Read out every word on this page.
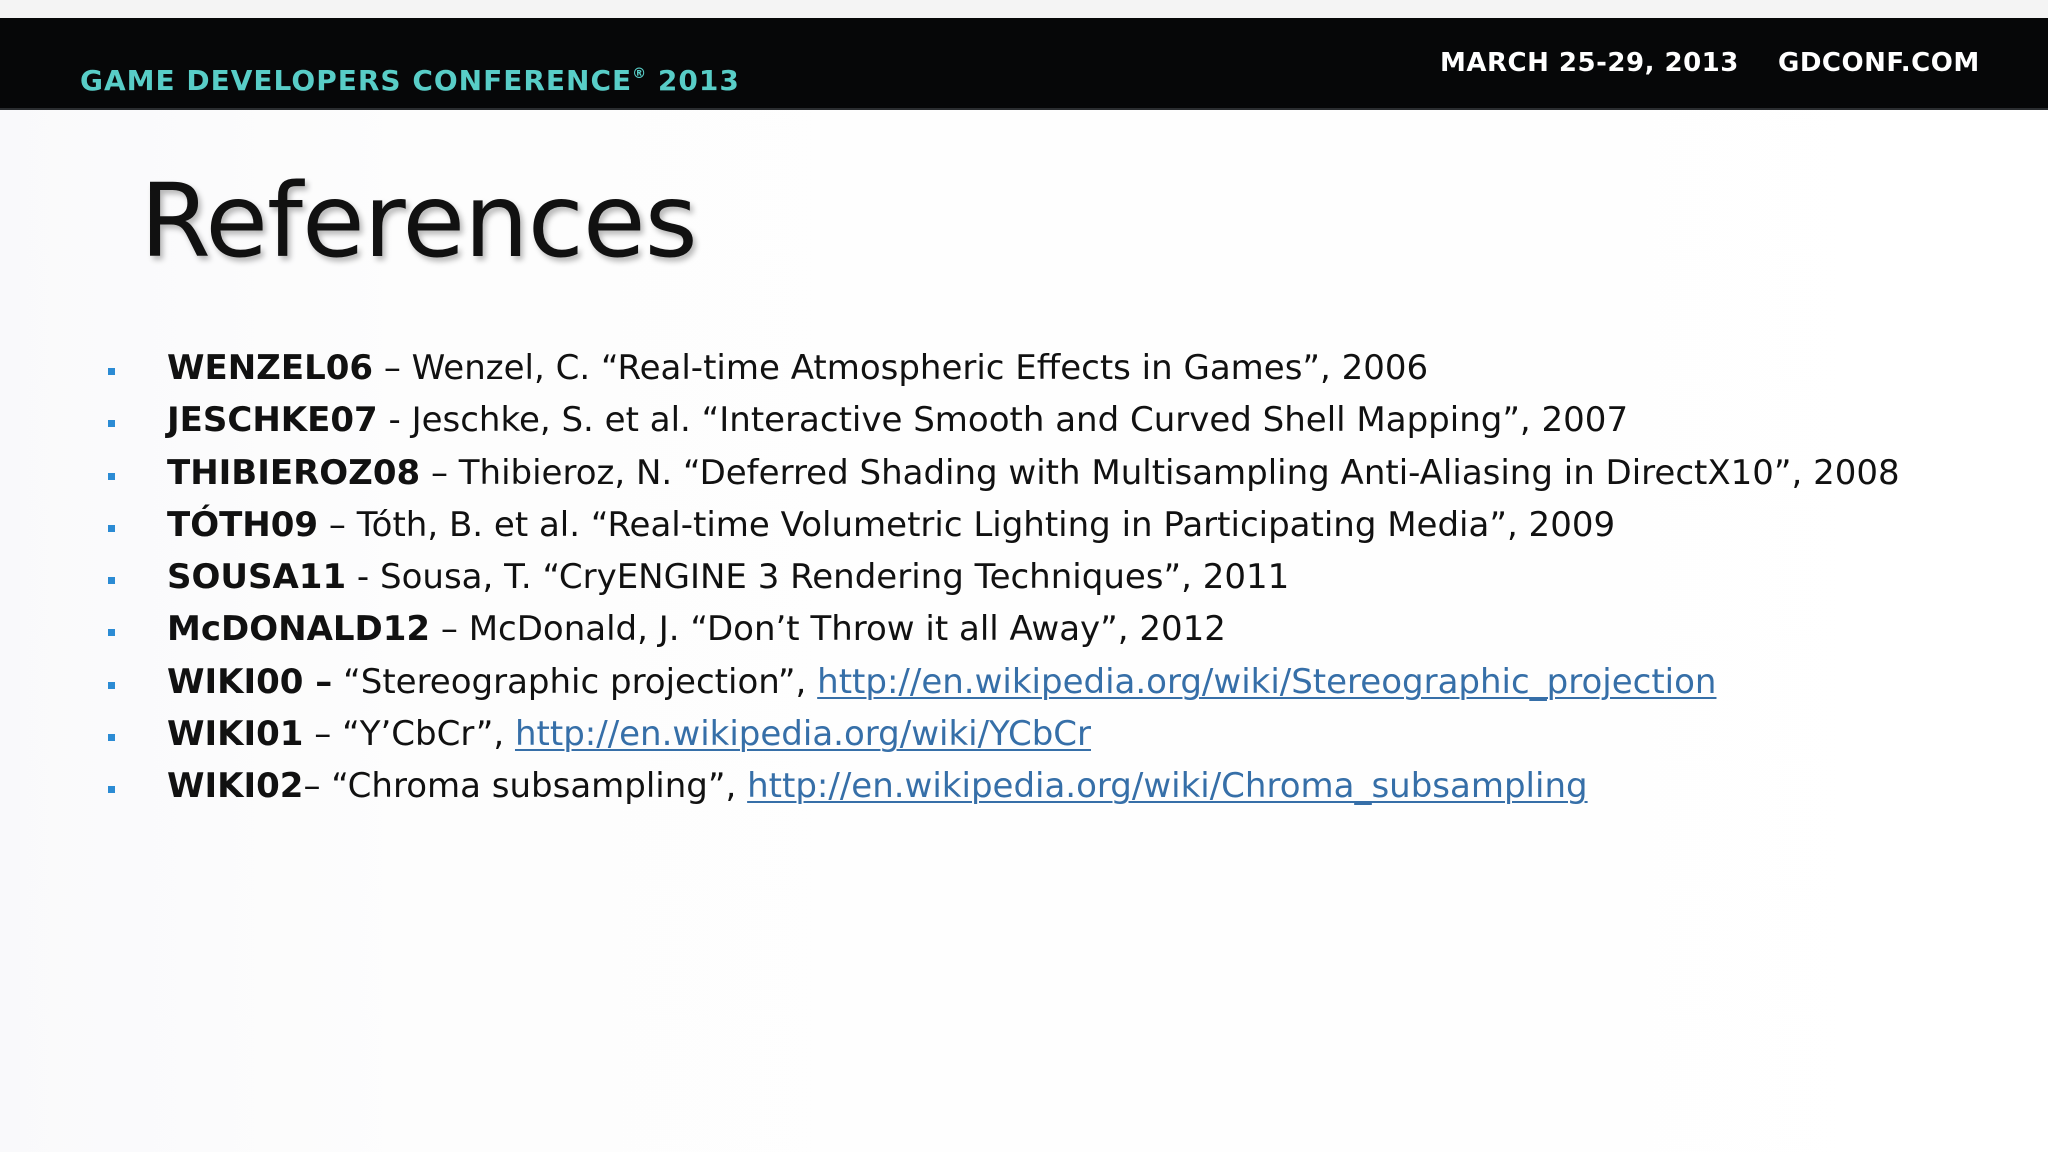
GAME DEVELOPERS CONFERENCE® 2013
MARCH 25-29, 2013 GDCONF.COM
References
WENZEL06 – Wenzel, C. “Real-time Atmospheric Effects in Games”, 2006
JESCHKE07 - Jeschke, S. et al. “Interactive Smooth and Curved Shell Mapping”, 2007
THIBIEROZ08 – Thibieroz, N. “Deferred Shading with Multisampling Anti-Aliasing in DirectX10”, 2008
TÓTH09 – Tóth, B. et al. “Real-time Volumetric Lighting in Participating Media”, 2009
SOUSA11 - Sousa, T. “CryENGINE 3 Rendering Techniques”, 2011
McDONALD12 – McDonald, J. “Don’t Throw it all Away”, 2012
WIKI00 – “Stereographic projection”, http://en.wikipedia.org/wiki/Stereographic_projection
WIKI01 – “Y’CbCr”, http://en.wikipedia.org/wiki/YCbCr
WIKI02– “Chroma subsampling”, http://en.wikipedia.org/wiki/Chroma_subsampling
